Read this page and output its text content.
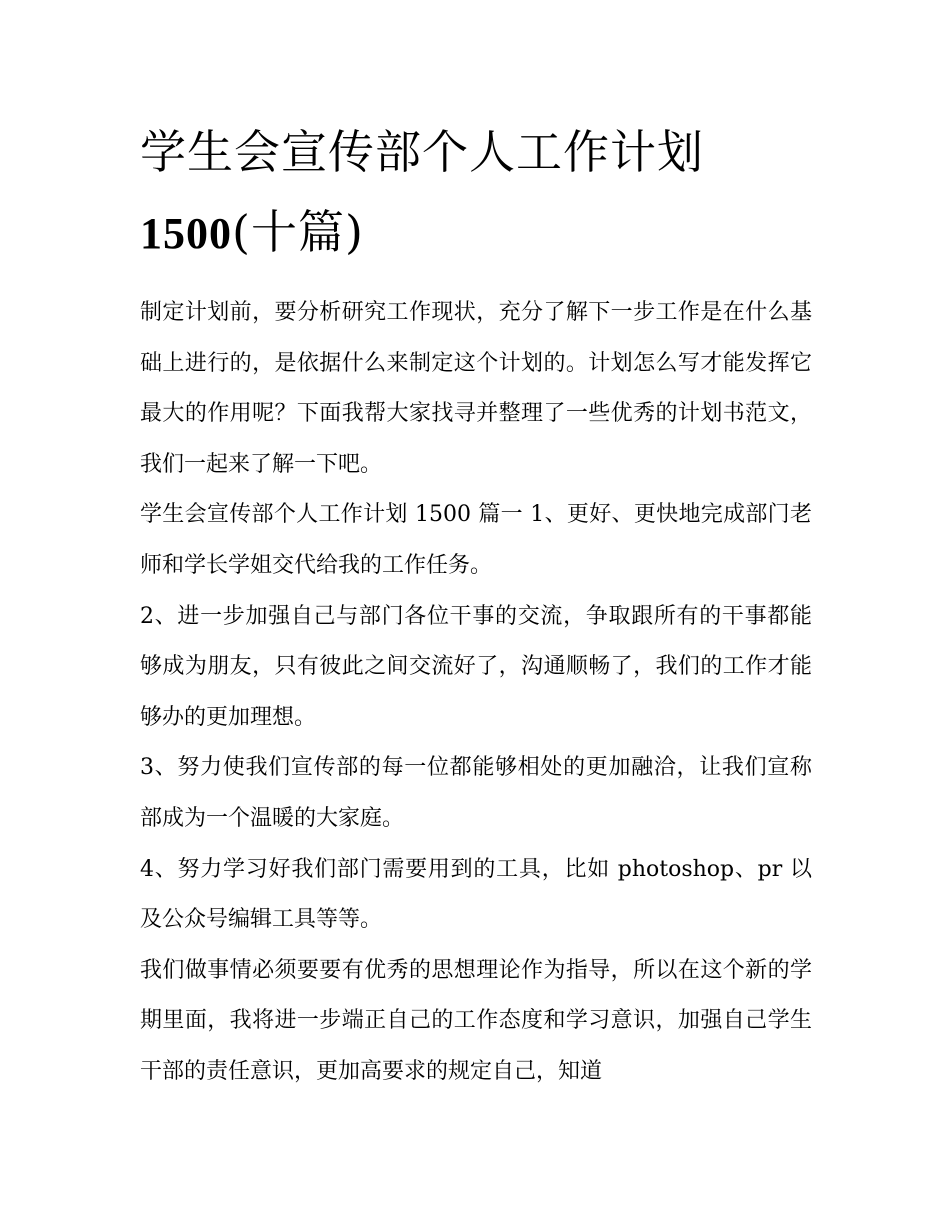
学生会宣传部个人工作计划
1500(十篇)

制定计划前，要分析研究工作现状，充分了解下一步工作是在什么基础上进行的，是依据什么来制定这个计划的。计划怎么写才能发挥它最大的作用呢？下面我帮大家找寻并整理了一些优秀的计划书范文，我们一起来了解一下吧。

学生会宣传部个人工作计划 1500 篇一 1、更好、更快地完成部门老师和学长学姐交代给我的工作任务。

2、进一步加强自己与部门各位干事的交流，争取跟所有的干事都能够成为朋友，只有彼此之间交流好了，沟通顺畅了，我们的工作才能够办的更加理想。

3、努力使我们宣传部的每一位都能够相处的更加融洽，让我们宣称部成为一个温暖的大家庭。

4、努力学习好我们部门需要用到的工具，比如 photoshop、pr 以及公众号编辑工具等等。

我们做事情必须要要有优秀的思想理论作为指导，所以在这个新的学期里面，我将进一步端正自己的工作态度和学习意识，加强自己学生干部的责任意识，更加高要求的规定自己，知道
